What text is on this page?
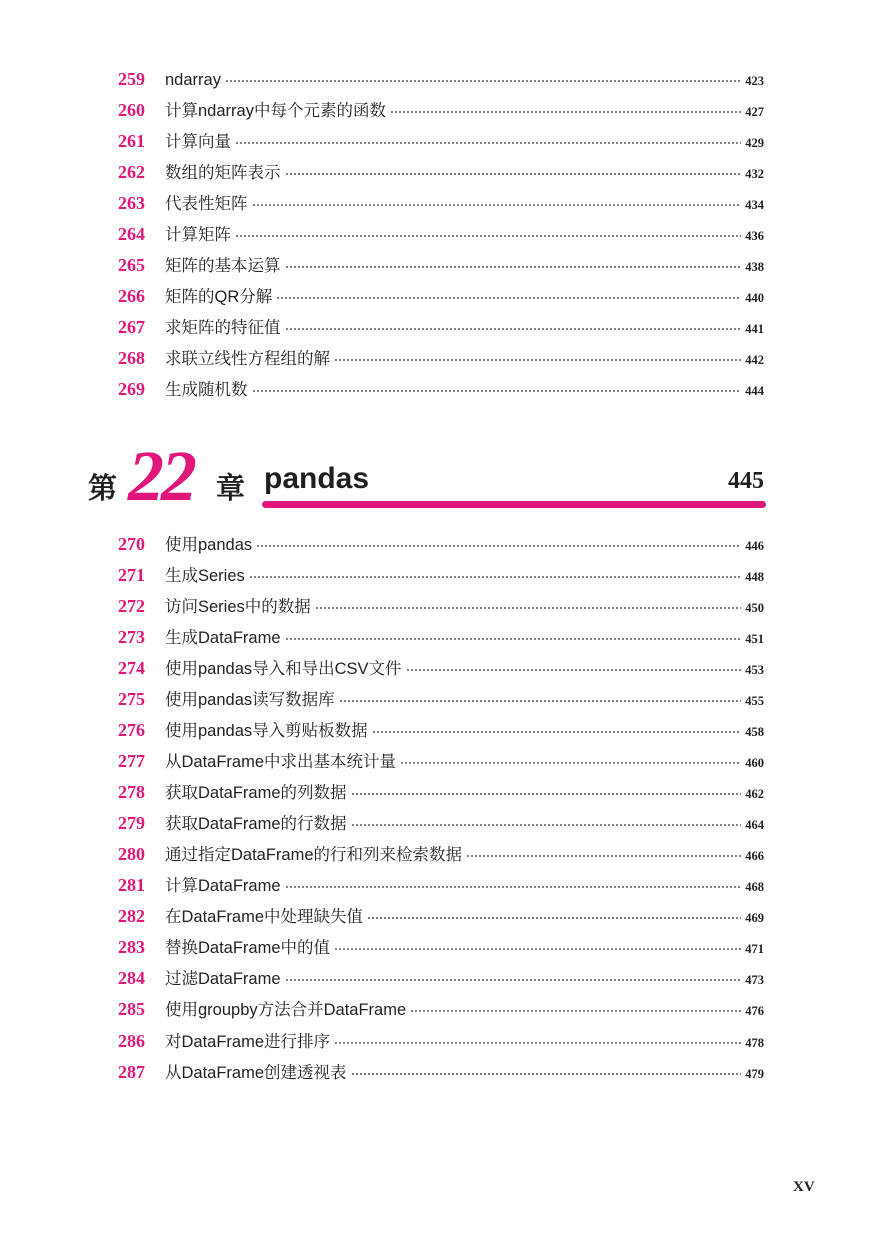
259	ndarray	423
260	计算ndarray中每个元素的函数	427
261	计算向量	429
262	数组的矩阵表示	432
263	代表性矩阵	434
264	计算矩阵	436
265	矩阵的基本运算	438
266	矩阵的QR分解	440
267	求矩阵的特征值	441
268	求联立线性方程组的解	442
269	生成随机数	444
第 22 章 pandas	445
270	使用pandas	446
271	生成Series	448
272	访问Series中的数据	450
273	生成DataFrame	451
274	使用pandas导入和导出CSV文件	453
275	使用pandas读写数据库	455
276	使用pandas导入剪贴板数据	458
277	从DataFrame中求出基本统计量	460
278	获取DataFrame的列数据	462
279	获取DataFrame的行数据	464
280	通过指定DataFrame的行和列来检索数据	466
281	计算DataFrame	468
282	在DataFrame中处理缺失值	469
283	替换DataFrame中的值	471
284	过滤DataFrame	473
285	使用groupby方法合并DataFrame	476
286	对DataFrame进行排序	478
287	从DataFrame创建透视表	479
XV
